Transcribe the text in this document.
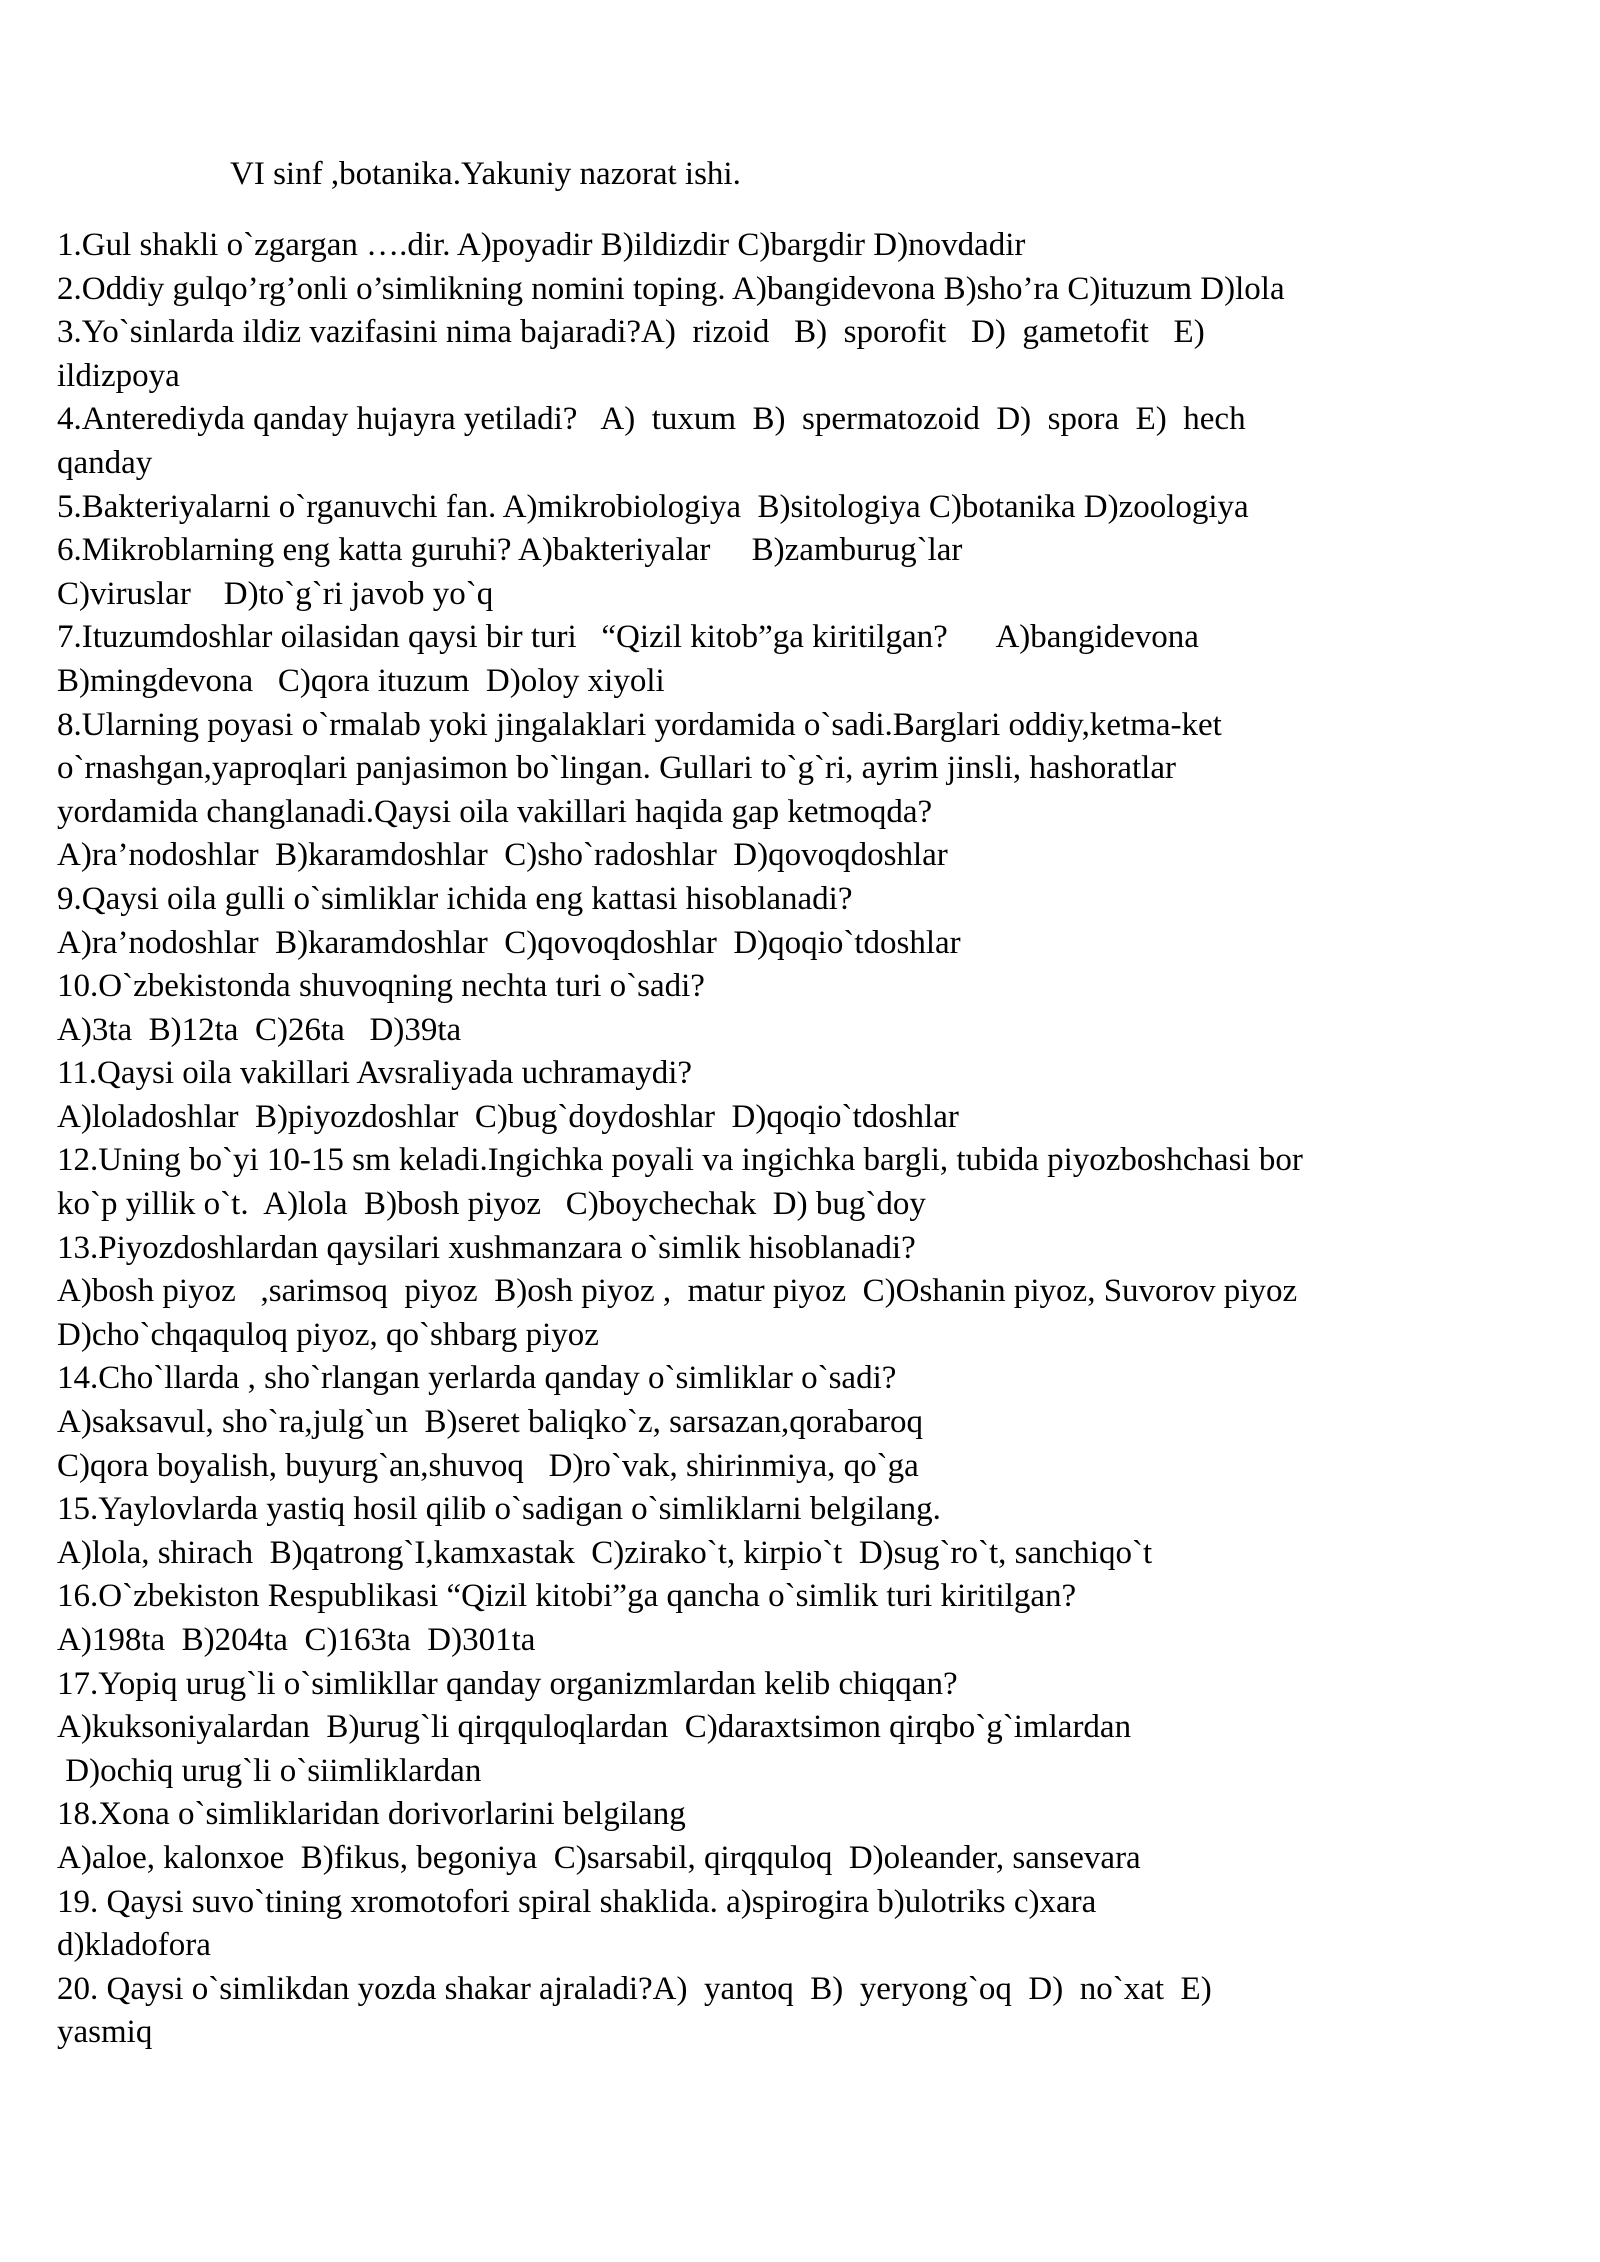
VI sinf ,botanika.Yakuniy nazorat ishi.
1.Gul shakli o`zgargan ….dir. A)poyadir B)ildizdir C)bargdir D)novdadir
2.Oddiy gulqo’rg’onli o’simlikning nomini toping. A)bangidevona B)sho’ra C)ituzum D)lola
3.Yo`sinlarda ildiz vazifasini nima bajaradi?A)  rizoid   B)  sporofit   D)  gametofit   E)
ildizpoya
4.Anterediyda qanday hujayra yetiladi?   A)  tuxum  B)  spermatozoid  D)  spora  E)  hech
qanday
5.Bakteriyalarni o`rganuvchi fan. A)mikrobiologiya  B)sitologiya C)botanika D)zoologiya
6.Mikroblarning eng katta guruhi? A)bakteriyalar     B)zamburug`lar
C)viruslar    D)to`g`ri javob yo`q
7.Ituzumdoshlar oilasidan qaysi bir turi   “Qizil kitob”ga kiritilgan?      A)bangidevona
B)mingdevona   C)qora ituzum  D)oloy xiyoli
8.Ularning poyasi o`rmalab yoki jingalaklari yordamida o`sadi.Barglari oddiy,ketma-ket
o`rnashgan,yaproqlari panjasimon bo`lingan. Gullari to`g`ri, ayrim jinsli, hashoratlar
yordamida changlanadi.Qaysi oila vakillari haqida gap ketmoqda?
A)ra’nodoshlar  B)karamdoshlar  C)sho`radoshlar  D)qovoqdoshlar
9.Qaysi oila gulli o`simliklar ichida eng kattasi hisoblanadi?
A)ra’nodoshlar  B)karamdoshlar  C)qovoqdoshlar  D)qoqio`tdoshlar
10.O`zbekistonda shuvoqning nechta turi o`sadi?
A)3ta  B)12ta  C)26ta   D)39ta
11.Qaysi oila vakillari Avsraliyada uchramaydi?
A)loladoshlar  B)piyozdoshlar  C)bug`doydoshlar  D)qoqio`tdoshlar
12.Uning bo`yi 10-15 sm keladi.Ingichka poyali va ingichka bargli, tubida piyozboshchasi bor
ko`p yillik o`t.  A)lola  B)bosh piyoz   C)boychechak  D) bug`doy
13.Piyozdoshlardan qaysilari xushmanzara o`simlik hisoblanadi?
A)bosh piyoz   ,sarimsoq  piyoz  B)osh piyoz ,  matur piyoz  C)Oshanin piyoz, Suvorov piyoz
D)cho`chqaquloq piyoz, qo`shbarg piyoz
14.Cho`llarda , sho`rlangan yerlarda qanday o`simliklar o`sadi?
A)saksavul, sho`ra,julg`un  B)seret baliqko`z, sarsazan,qorabaroq
C)qora boyalish, buyurg`an,shuvoq   D)ro`vak, shirinmiya, qo`ga
15.Yaylovlarda yastiq hosil qilib o`sadigan o`simliklarni belgilang.
A)lola, shirach  B)qatrong`I,kamxastak  C)zirako`t, kirpio`t  D)sug`ro`t, sanchiqo`t
16.O`zbekiston Respublikasi “Qizil kitobi”ga qancha o`simlik turi kiritilgan?
A)198ta  B)204ta  C)163ta  D)301ta
17.Yopiq urug`li o`simlikllar qanday organizmlardan kelib chiqqan?
A)kuksoniyalardan  B)urug`li qirqquloqlardan  C)daraxtsimon qirqbo`g`imlardan
D)ochiq urug`li o`siimliklardan
18.Xona o`simliklaridan dorivorlarini belgilang
A)aloe, kalonxoe  B)fikus, begoniya  C)sarsabil, qirqquloq  D)oleander, sansevara
19. Qaysi suvo`tining xromotofori spiral shaklida. a)spirogira b)ulotriks c)xara
d)kladofora
20. Qaysi o`simlikdan yozda shakar ajraladi?A)  yantoq  B)  yeryong`oq  D)  no`xat  E)
yasmiq
